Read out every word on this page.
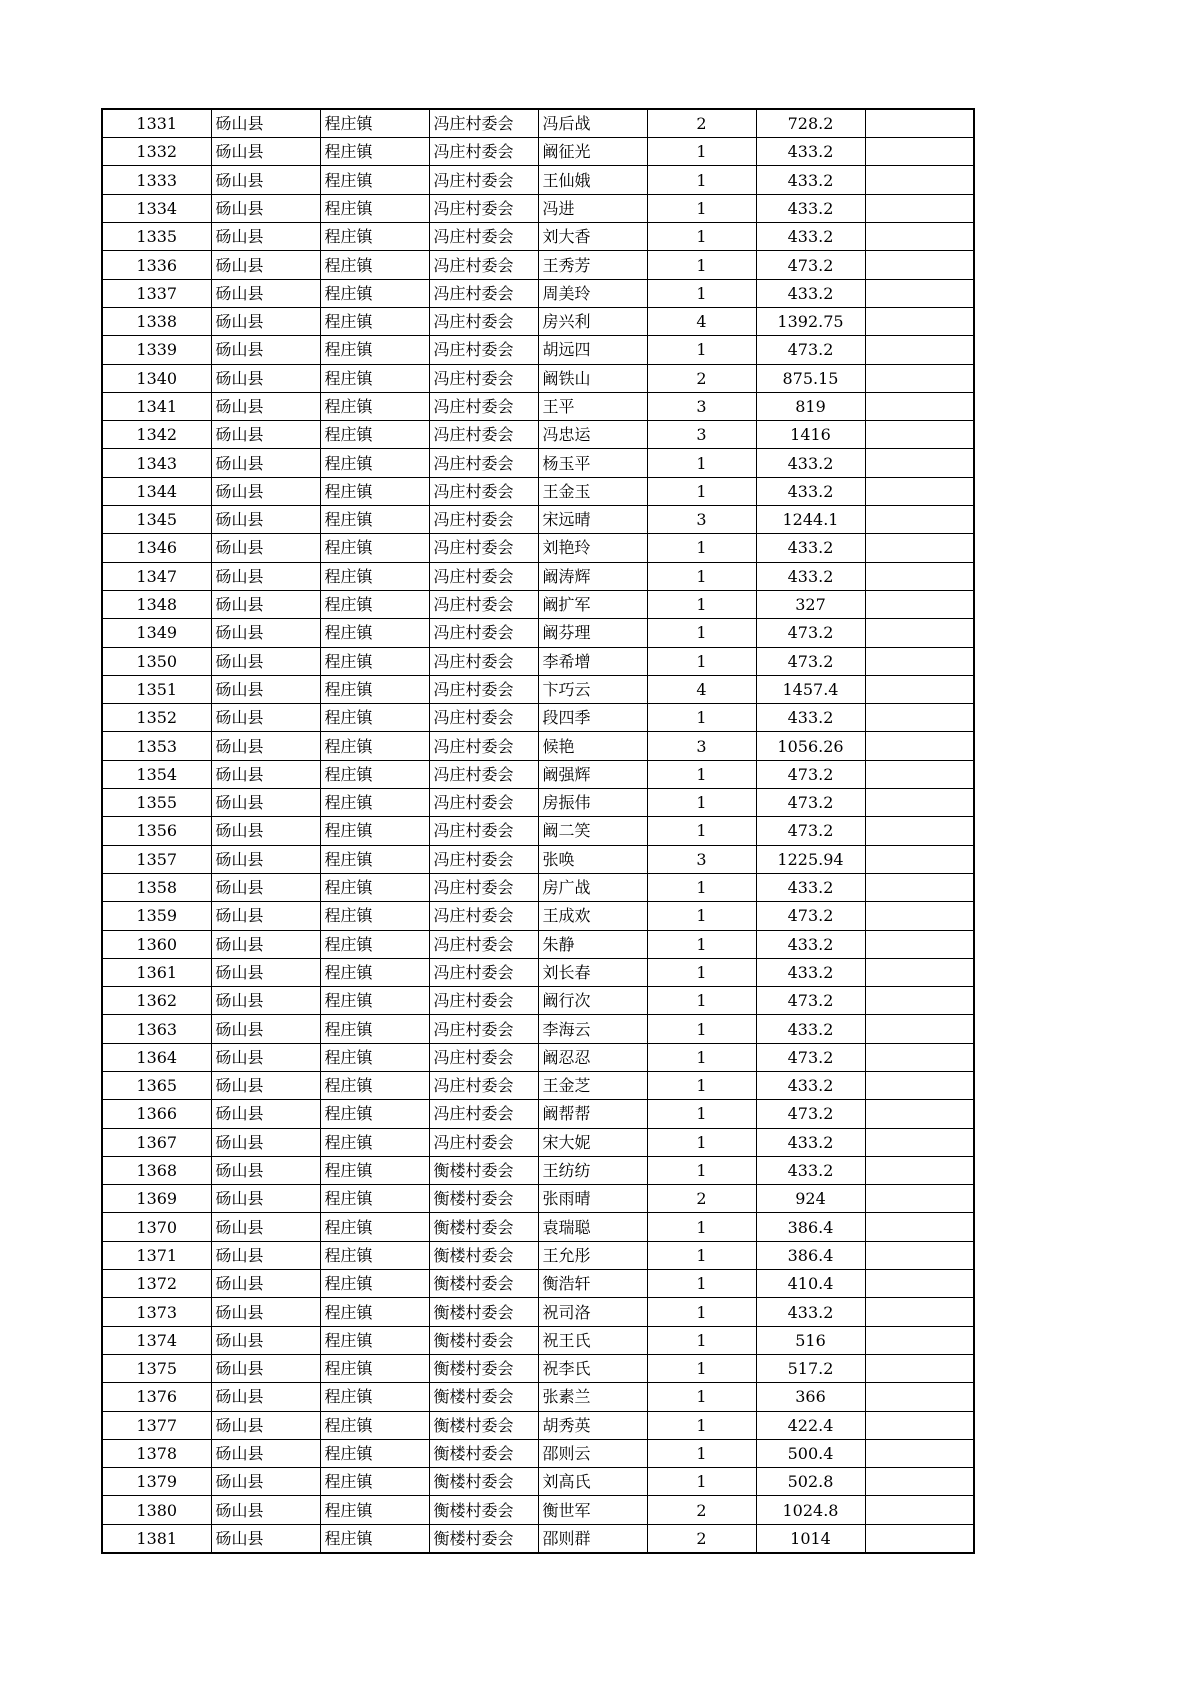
1331	砀山县	程庄镇	冯庄村委会	冯后战	2	728.2	
1332	砀山县	程庄镇	冯庄村委会	阚征光	1	433.2	
1333	砀山县	程庄镇	冯庄村委会	王仙娥	1	433.2	
1334	砀山县	程庄镇	冯庄村委会	冯进	1	433.2	
1335	砀山县	程庄镇	冯庄村委会	刘大香	1	433.2	
1336	砀山县	程庄镇	冯庄村委会	王秀芳	1	473.2	
1337	砀山县	程庄镇	冯庄村委会	周美玲	1	433.2	
1338	砀山县	程庄镇	冯庄村委会	房兴利	4	1392.75	
1339	砀山县	程庄镇	冯庄村委会	胡远四	1	473.2	
1340	砀山县	程庄镇	冯庄村委会	阚铁山	2	875.15	
1341	砀山县	程庄镇	冯庄村委会	王平	3	819	
1342	砀山县	程庄镇	冯庄村委会	冯忠运	3	1416	
1343	砀山县	程庄镇	冯庄村委会	杨玉平	1	433.2	
1344	砀山县	程庄镇	冯庄村委会	王金玉	1	433.2	
1345	砀山县	程庄镇	冯庄村委会	宋远晴	3	1244.1	
1346	砀山县	程庄镇	冯庄村委会	刘艳玲	1	433.2	
1347	砀山县	程庄镇	冯庄村委会	阚涛辉	1	433.2	
1348	砀山县	程庄镇	冯庄村委会	阚扩军	1	327	
1349	砀山县	程庄镇	冯庄村委会	阚芬理	1	473.2	
1350	砀山县	程庄镇	冯庄村委会	李希增	1	473.2	
1351	砀山县	程庄镇	冯庄村委会	卞巧云	4	1457.4	
1352	砀山县	程庄镇	冯庄村委会	段四季	1	433.2	
1353	砀山县	程庄镇	冯庄村委会	候艳	3	1056.26	
1354	砀山县	程庄镇	冯庄村委会	阚强辉	1	473.2	
1355	砀山县	程庄镇	冯庄村委会	房振伟	1	473.2	
1356	砀山县	程庄镇	冯庄村委会	阚二笑	1	473.2	
1357	砀山县	程庄镇	冯庄村委会	张唤	3	1225.94	
1358	砀山县	程庄镇	冯庄村委会	房广战	1	433.2	
1359	砀山县	程庄镇	冯庄村委会	王成欢	1	473.2	
1360	砀山县	程庄镇	冯庄村委会	朱静	1	433.2	
1361	砀山县	程庄镇	冯庄村委会	刘长春	1	433.2	
1362	砀山县	程庄镇	冯庄村委会	阚行次	1	473.2	
1363	砀山县	程庄镇	冯庄村委会	李海云	1	433.2	
1364	砀山县	程庄镇	冯庄村委会	阚忍忍	1	473.2	
1365	砀山县	程庄镇	冯庄村委会	王金芝	1	433.2	
1366	砀山县	程庄镇	冯庄村委会	阚帮帮	1	473.2	
1367	砀山县	程庄镇	冯庄村委会	宋大妮	1	433.2	
1368	砀山县	程庄镇	衡楼村委会	王纺纺	1	433.2	
1369	砀山县	程庄镇	衡楼村委会	张雨晴	2	924	
1370	砀山县	程庄镇	衡楼村委会	袁瑞聪	1	386.4	
1371	砀山县	程庄镇	衡楼村委会	王允彤	1	386.4	
1372	砀山县	程庄镇	衡楼村委会	衡浩轩	1	410.4	
1373	砀山县	程庄镇	衡楼村委会	祝司洛	1	433.2	
1374	砀山县	程庄镇	衡楼村委会	祝王氏	1	516	
1375	砀山县	程庄镇	衡楼村委会	祝李氏	1	517.2	
1376	砀山县	程庄镇	衡楼村委会	张素兰	1	366	
1377	砀山县	程庄镇	衡楼村委会	胡秀英	1	422.4	
1378	砀山县	程庄镇	衡楼村委会	邵则云	1	500.4	
1379	砀山县	程庄镇	衡楼村委会	刘高氏	1	502.8	
1380	砀山县	程庄镇	衡楼村委会	衡世军	2	1024.8	
1381	砀山县	程庄镇	衡楼村委会	邵则群	2	1014	
